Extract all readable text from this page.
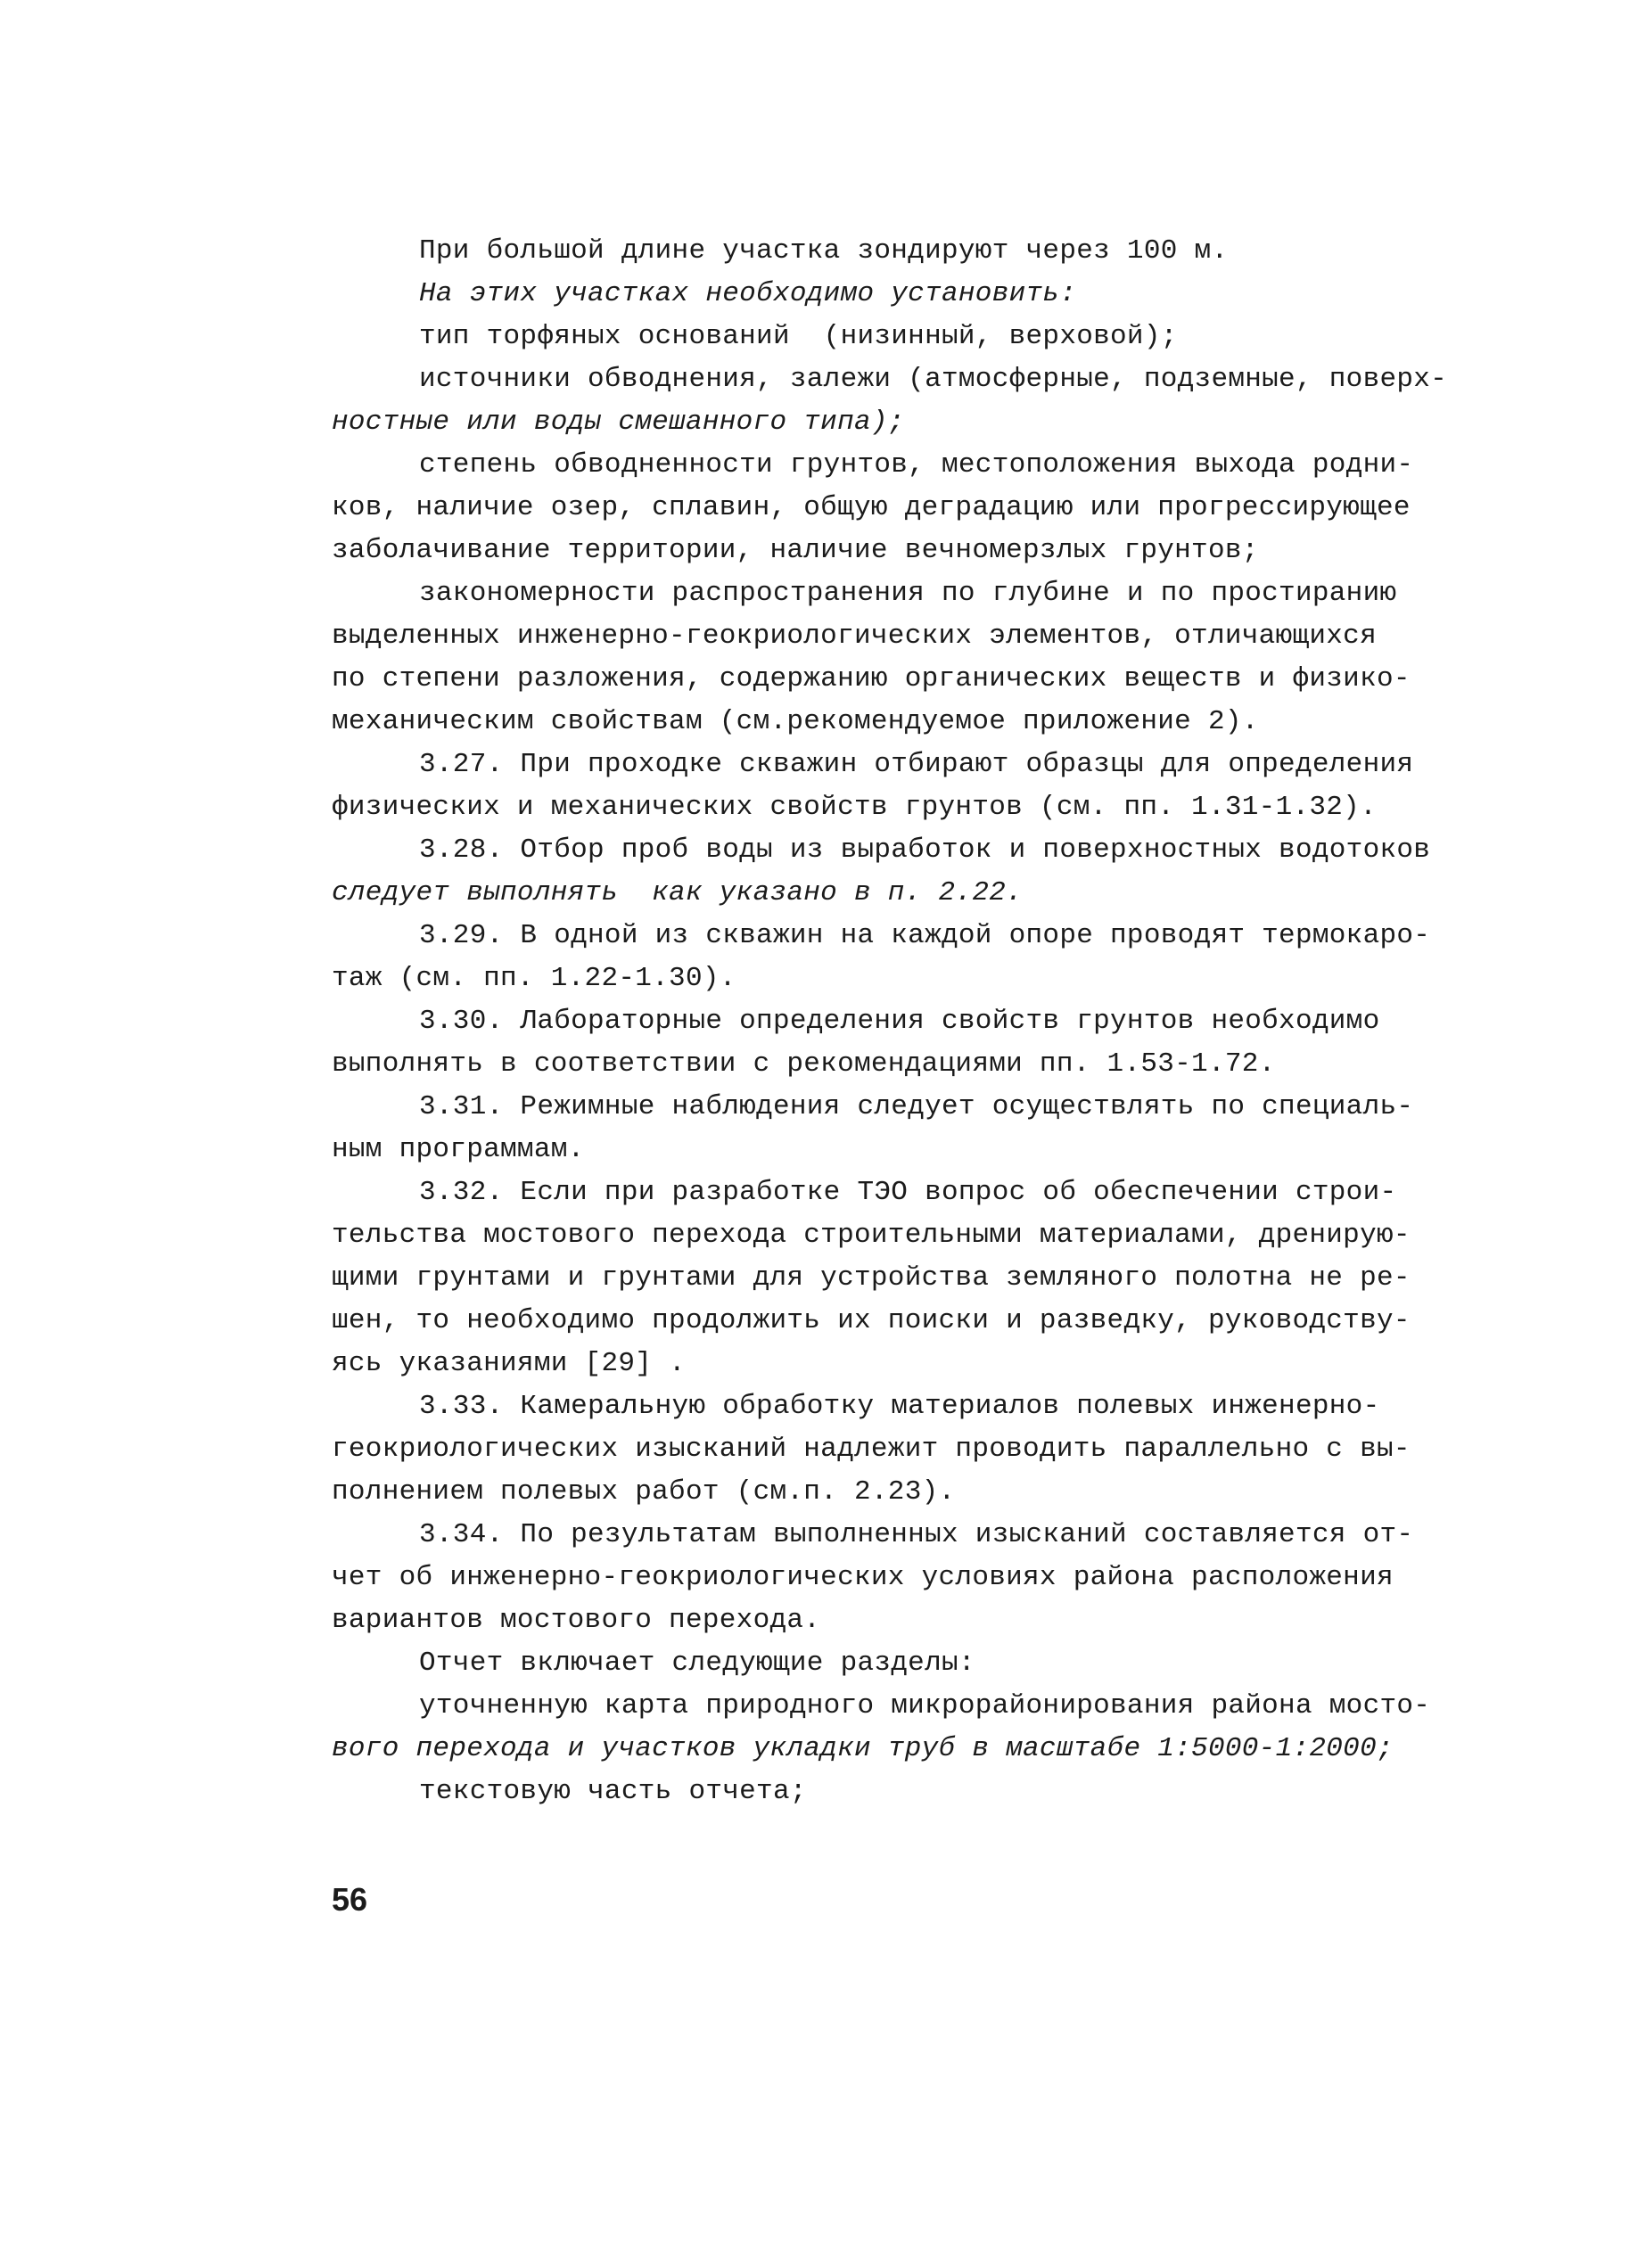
При большой длине участка зондируют через 100 м.
На этих участках необходимо установить:
тип торфяных оснований  (низинный, верховой);
источники обводнения, залежи (атмосферные, подземные, поверх-
ностные или воды смешанного типа);
степень обводненности грунтов, местоположения выхода родни-
ков, наличие озер, сплавин, общую деградацию или прогрессирующее
заболачивание территории, наличие вечномерзлых грунтов;
закономерности распространения по глубине и по простиранию
выделенных инженерно-геокриологических элементов, отличающихся
по степени разложения, содержанию органических веществ и физико-
механическим свойствам (см.рекомендуемое приложение 2).
3.27. При проходке скважин отбирают образцы для определения
физических и механических свойств грунтов (см. пп. 1.31-1.32).
3.28. Отбор проб воды из выработок и поверхностных водотоков
следует выполнять  как указано в п. 2.22.
3.29. В одной из скважин на каждой опоре проводят термокаро-
таж (см. пп. 1.22-1.30).
3.30. Лабораторные определения свойств грунтов необходимо
выполнять в соответствии с рекомендациями пп. 1.53-1.72.
3.31. Режимные наблюдения следует осуществлять по специаль-
ным программам.
3.32. Если при разработке ТЭО вопрос об обеспечении строи-
тельства мостового перехода строительными материалами, дренирую-
щими грунтами и грунтами для устройства земляного полотна не ре-
шен, то необходимо продолжить их поиски и разведку, руководству-
ясь указаниями [29] .
3.33. Камеральную обработку материалов полевых инженерно-
геокриологических изысканий надлежит проводить параллельно с вы-
полнением полевых работ (см.п. 2.23).
3.34. По результатам выполненных изысканий составляется от-
чет об инженерно-геокриологических условиях района расположения
вариантов мостового перехода.
Отчет включает следующие разделы:
уточненную карта природного микрорайонирования района мосто-
вого перехода и участков укладки труб в масштабе 1:5000-1:2000;
текстовую часть отчета;
56
